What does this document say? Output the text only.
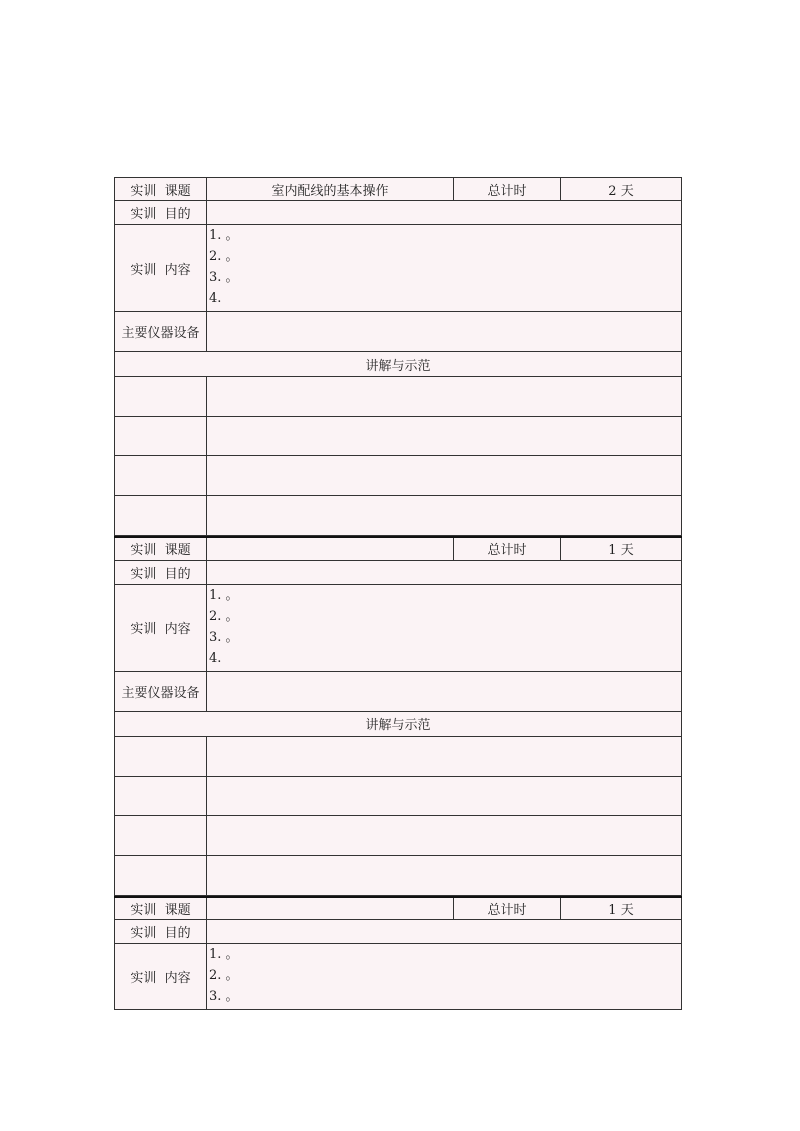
实训  课题	室内配线的基本操作	总计时	2 天
实训  目的			
实训  内容	1. 。
2. 。
3. 。
4.		

主要仪器设备			
讲解与示范			

实训  课题		总计时	1 天
实训  目的			
实训  内容	1. 。
2. 。
3. 。
4.		

主要仪器设备			
讲解与示范			

实训  课题		总计时	1 天
实训  目的			
实训  内容	1. 。
2. 。
3. 。		
